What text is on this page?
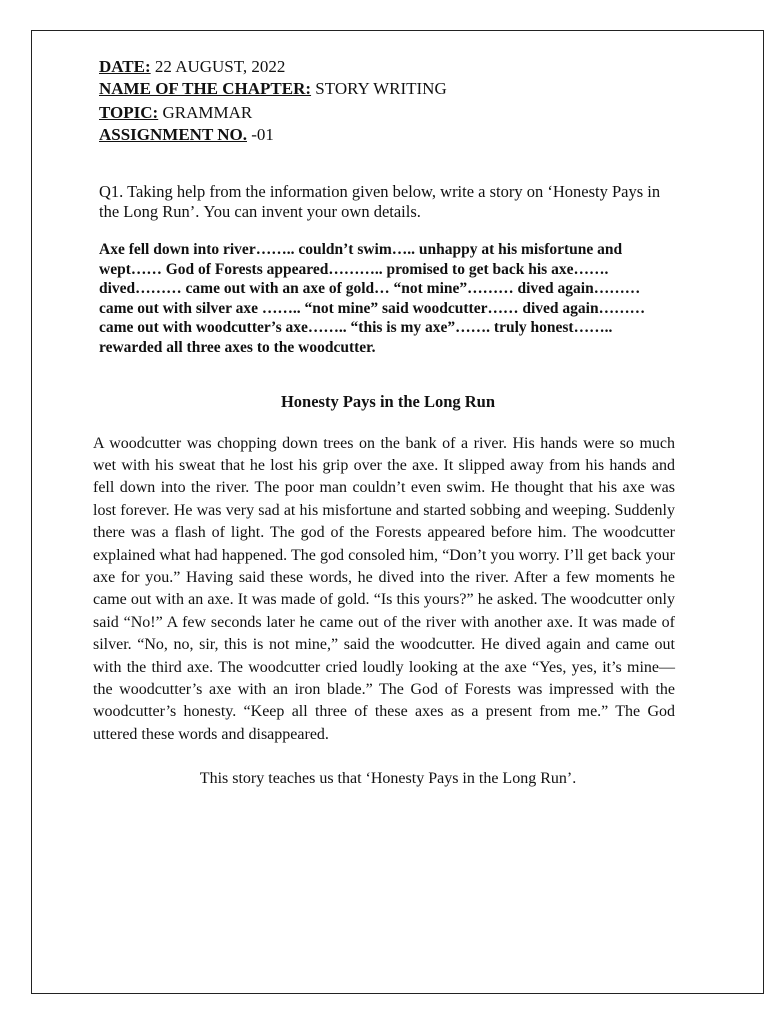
DATE: 22 AUGUST, 2022

NAME OF THE CHAPTER: STORY WRITING

TOPIC: GRAMMAR

ASSIGNMENT NO. -01

Q1. Taking help from the information given below, write a story on ‘Honesty Pays in the Long Run’. You can invent your own details.

Axe fell down into river…….. couldn’t swim….. unhappy at his misfortune and wept…… God of Forests appeared……….. promised to get back his axe……. dived……… came out with an axe of gold… “not mine”……… dived again……… came out with silver axe …….. “not mine” said woodcutter…… dived again……… came out with woodcutter’s axe…….. “this is my axe”……. truly honest…….. rewarded all three axes to the woodcutter.
Honesty Pays in the Long Run
A woodcutter was chopping down trees on the bank of a river. His hands were so much wet with his sweat that he lost his grip over the axe. It slipped away from his hands and fell down into the river. The poor man couldn’t even swim. He thought that his axe was lost forever. He was very sad at his misfortune and started sobbing and weeping. Suddenly there was a flash of light. The god of the Forests appeared before him. The woodcutter explained what had happened. The god consoled him, “Don’t you worry. I’ll get back your axe for you.” Having said these words, he dived into the river. After a few moments he came out with an axe. It was made of gold. “Is this yours?” he asked. The woodcutter only said “No!” A few seconds later he came out of the river with another axe. It was made of silver. “No, no, sir, this is not mine,” said the woodcutter. He dived again and came out with the third axe. The woodcutter cried loudly looking at the axe “Yes, yes, it’s mine—the woodcutter’s axe with an iron blade.” The God of Forests was impressed with the woodcutter’s honesty. “Keep all three of these axes as a present from me.” The God uttered these words and disappeared.
This story teaches us that ‘Honesty Pays in the Long Run’.
